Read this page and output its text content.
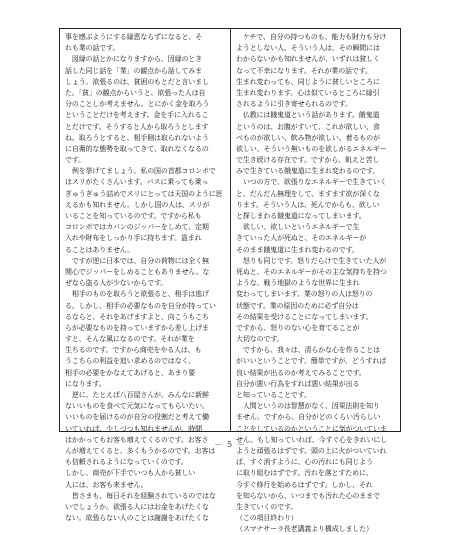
事を感ぶようにする縁恵ならずになると、そ
れも業の話です。
　図縁の話とかになりますから、因縁のとき
話した同じ話を「業」の観点から話してみま
しょう。欲張るのは、貧困のもとだと言いまし
た。「貧」の観点からいうと、欲張った人は自
分のことしか考えません。とにかく金を取ろう
ということだけを考えます。金を手に入れるこ
とだけです。そうすると人から取ろうとします
ね。取ろうとすると、相手側は取られないよう
に自衛的な態勢を取ってきて、取れなくなるの
です。
　例を挙げてましょう。私の国の首都コロンボで
はスリがたくさんいます。バスに乗っても乗っ
ぎゅうぎゅう詰めでスリにとっては天国のように思
えるかも知れません。しかし国の人は、スリが
いることを知っているのです。ですから私も
コロンボではカバンのジッパーをしめて、定期
入れや財布をしっかり手に持ちます。盗まれ
ることはありません。
　ですが逆に日本では、自分の荷物には全く無
関心でジッパーをしめることもありません。な
ぜなら盗る人が少ないからです。
　相手のものを取ろうと欲張ると、相手は逃げ
る。しかし、相手の必要なものを自分が持ってい
るならと、それをあげますよと、向こうもこち
らが必要なものを持っていますから差し上げま
すと、そんな風になるのです。それが業を
生ちるのです。ですから商売をやる人は、も
うこちらの利益を追い求めるのではなく、
相手の必要をかなえてあげると、あまり要
になります。
　逆に、たとえば八百屋さんが、みんなに新鮮
ないいものを食べて元気になってもらいたい。
いいものを届けるのが自分の役割だと考えて働
いていれば、少しづつも知れませんが、時間
はかかってもお客も増えてくるのです。お客さ
んが増えてくると、多くもうかるのです。お客は
も信頼されるようになっていくのです。
しかし、商売が下手でいつも人から貧しい
人には、お客も来ません。
　皆さまも、毎日それを経験されているのではな
いでしょうか。欲張る人にはお金をあげたくな
ない。欲張らない人のことは謝謝をあげたくな
　ケチで、自分の持つものも、能力も財力も分け
ようとしない人、そういう人は、その瞬間には
わからないかも知れませんが、いずれは貧しく
なって不幸になります。それが業の話です。
生まれ変わっても、同じように貧しいところに
生まれ変わります。心は似ているところに縁引
されるように引き寄せられるのです。
　仏教には餓鬼道という話があります。餓鬼道
というのは、お腹がすいて、これが欲しい、食
べものが欲しい、飲み物が欲しい、着るものが
欲しい、そういう無いものを欲しがるエネルギー
で生き続ける存在です。ですから、飢えと苦し
みで生きている餓鬼道に生まれ変わるのです。
　いつの方で、欲張りなエネルギーで生きていく
と、だんだん無理をして、ますます欲が深くな
ります。そういう人は、死んでからも、欲しい
と探しまわる餓鬼道になってしまいます。
　欲しい、欲しいというエネルギーで生
きていった人が死ぬと、そのエネルギーが
そのまま餓鬼道に生まれ変わるのです。
　怒りも同じです。怒りだらけで生きていた人が
死ぬと、そのエネルギーがその主な気持ちを持つ
ような、戦う地獄のような世界に生まれ
変わってしまいます。業の怒りの人は怒りの
状態です。業の原因のために必ず自分は
その結果を受けることになってしまいます。
ですから、怒りのない心を育てることが
大切なのです。
　ですから、我々は、清らかな心を作ることは
がいいということです。簡単ですが、どうすれば
良い結果が出るのか考えてみることです。
自分が悪い行為をすれば悪い結果が出る
と知っていることです。
　人間というのは智慧がなく、因果法則を知り
ません。ですから、自分がどのくらい汚らしい
ことをしているのかということに気がついていま
せん。もし知っていれば、今すぐ心をきれいにし
ようと頑張るはずです。頭の上に火がついていれ
ば、すぐ消すように、心の汚れにも同じよう
に取り組むはずです。汚れを落とすために、
今すぐ修行を始めるはずです。しかし、それ
を知らないから、いつまでも汚れた心のままで
生きていくのです。
（この項目終わり）
（スマナサーラ長老講義より構成しました）
－ 5 －
